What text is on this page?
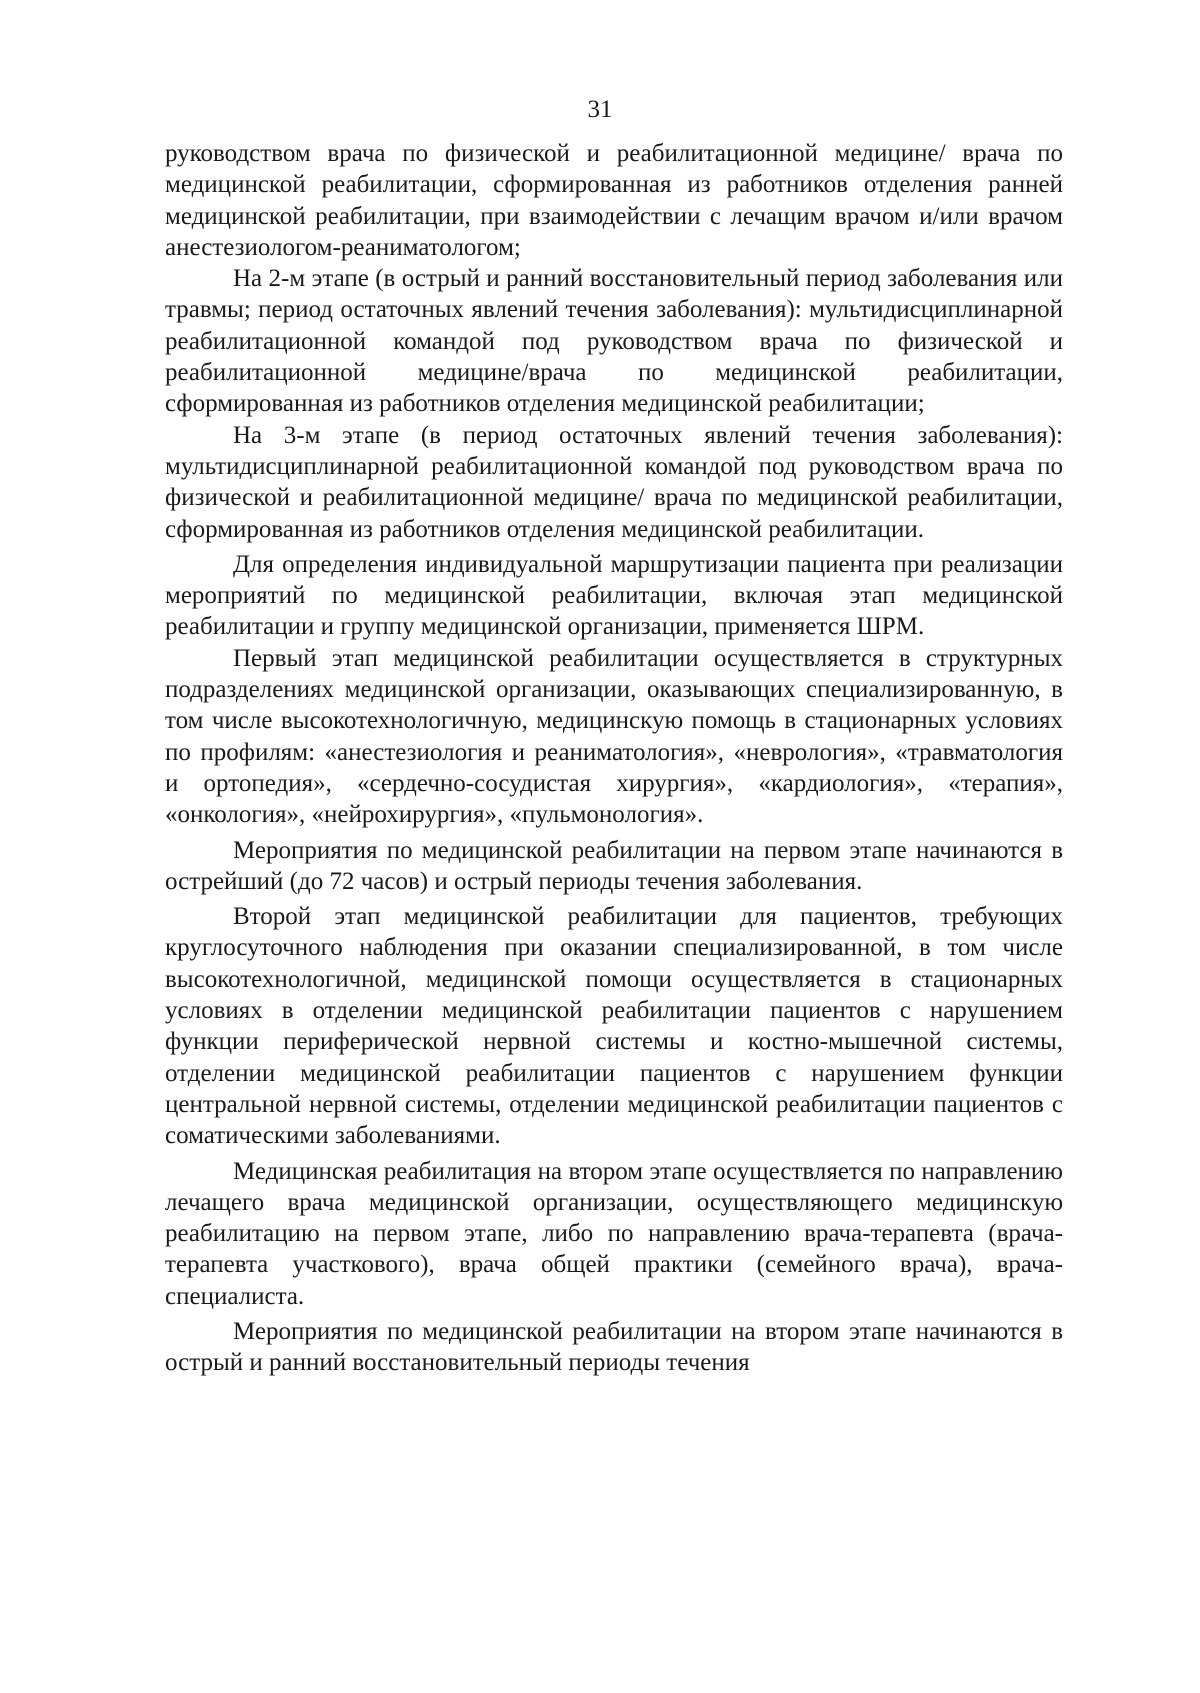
31

руководством врача по физической и реабилитационной медицине/ врача по медицинской реабилитации, сформированная из работников отделения ранней медицинской реабилитации, при взаимодействии с лечащим врачом и/или врачом анестезиологом-реаниматологом;

На 2-м этапе (в острый и ранний восстановительный период заболевания или травмы; период остаточных явлений течения заболевания): мультидисциплинарной реабилитационной командой под руководством врача по физической и реабилитационной медицине/врача по медицинской реабилитации, сформированная из работников отделения медицинской реабилитации;

На 3-м этапе (в период остаточных явлений течения заболевания): мультидисциплинарной реабилитационной командой под руководством врача по физической и реабилитационной медицине/ врача по медицинской реабилитации, сформированная из работников отделения медицинской реабилитации.

Для определения индивидуальной маршрутизации пациента при реализации мероприятий по медицинской реабилитации, включая этап медицинской реабилитации и группу медицинской организации, применяется ШРМ.

Первый этап медицинской реабилитации осуществляется в структурных подразделениях медицинской организации, оказывающих специализированную, в том числе высокотехнологичную, медицинскую помощь в стационарных условиях по профилям: «анестезиология и реаниматология», «неврология», «травматология и ортопедия», «сердечно-сосудистая хирургия», «кардиология», «терапия», «онкология», «нейрохирургия», «пульмонология».

Мероприятия по медицинской реабилитации на первом этапе начинаются в острейший (до 72 часов) и острый периоды течения заболевания.

Второй этап медицинской реабилитации для пациентов, требующих круглосуточного наблюдения при оказании специализированной, в том числе высокотехнологичной, медицинской помощи осуществляется в стационарных условиях в отделении медицинской реабилитации пациентов с нарушением функции периферической нервной системы и костно-мышечной системы, отделении медицинской реабилитации пациентов с нарушением функции центральной нервной системы, отделении медицинской реабилитации пациентов с соматическими заболеваниями.

Медицинская реабилитация на втором этапе осуществляется по направлению лечащего врача медицинской организации, осуществляющего медицинскую реабилитацию на первом этапе, либо по направлению врача-терапевта (врача-терапевта участкового), врача общей практики (семейного врача), врача-специалиста.

Мероприятия по медицинской реабилитации на втором этапе начинаются в острый и ранний восстановительный периоды течения
